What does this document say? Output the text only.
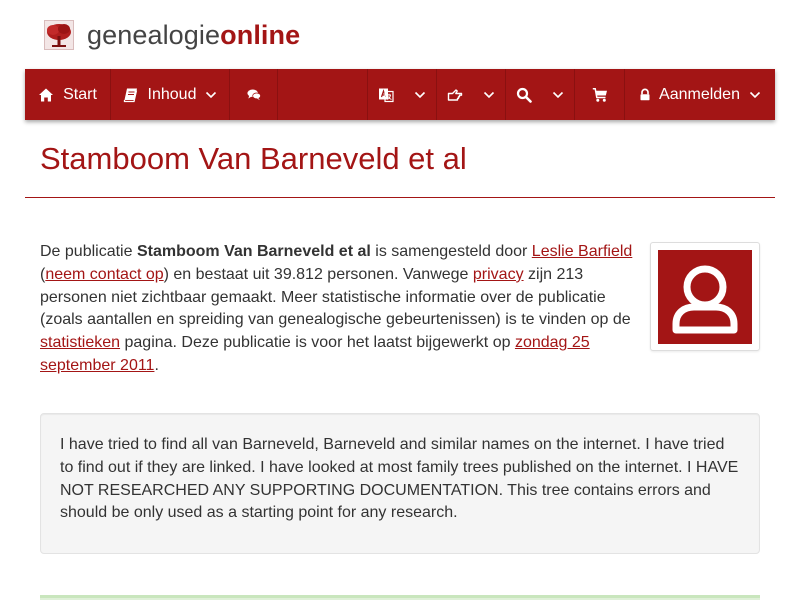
genealogieonline
Start	Inhoud	Aanmelden
Stamboom Van Barneveld et al

De publicatie Stamboom Van Barneveld et al is samengesteld door Leslie Barfield (neem contact op) en bestaat uit 39.812 personen. Vanwege privacy zijn 213 personen niet zichtbaar gemaakt. Meer statistische informatie over de publicatie (zoals aantallen en spreiding van genealogische gebeurtenissen) is te vinden op de statistieken pagina. Deze publicatie is voor het laatst bijgewerkt op zondag 25 september 2011.

I have tried to find all van Barneveld, Barneveld and similar names on the internet. I have tried to find out if they are linked. I have looked at most family trees published on the internet. I HAVE NOT RESEARCHED ANY SUPPORTING DOCUMENTATION. This tree contains errors and should be only used as a starting point for any research.
